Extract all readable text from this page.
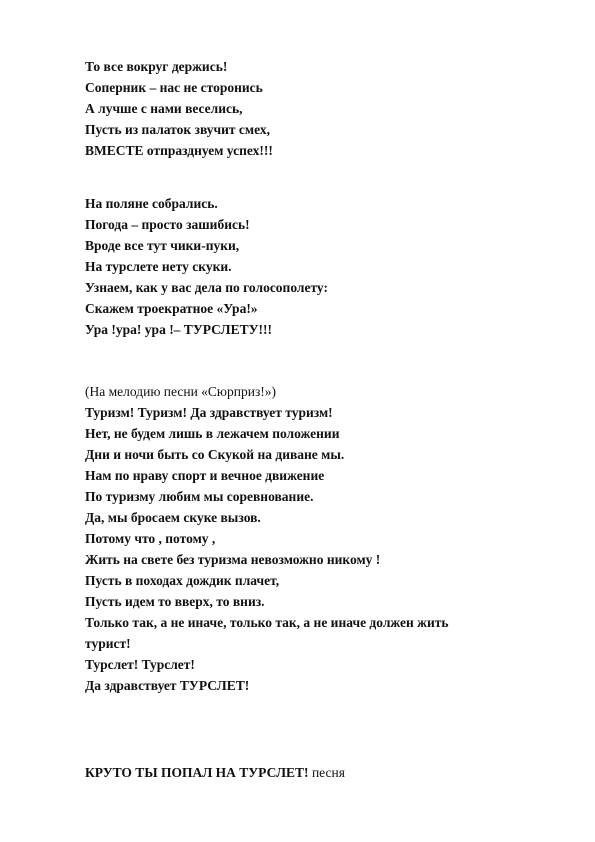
То все вокруг держись!
Соперник – нас не сторонись
А лучше с нами веселись,
Пусть из палаток звучит смех,
ВМЕСТЕ отпразднуем успех!!!
На поляне собрались.
Погода – просто зашибись!
Вроде все тут чики-пуки,
На турслете нету скуки.
Узнаем, как у вас дела по голосополету:
Скажем троекратное «Ура!»
Ура !ура! ура !– ТУРСЛЕТУ!!!
(На мелодию песни «Сюрприз!»)
Туризм! Туризм! Да здравствует туризм!
Нет, не будем лишь в лежачем положении
Дни и ночи быть со Скукой на диване мы.
Нам по нраву спорт и вечное движение
По туризму любим мы соревнование.
Да, мы бросаем скуке вызов.
Потому что , потому ,
Жить на свете без туризма невозможно никому !
Пусть в походах дождик плачет,
Пусть идем то вверх, то вниз.
Только так, а не иначе, только так, а не иначе должен жить
турист!
Турслет! Турслет!
Да здравствует ТУРСЛЕТ!
КРУТО ТЫ ПОПАЛ НА ТУРСЛЕТ! песня
